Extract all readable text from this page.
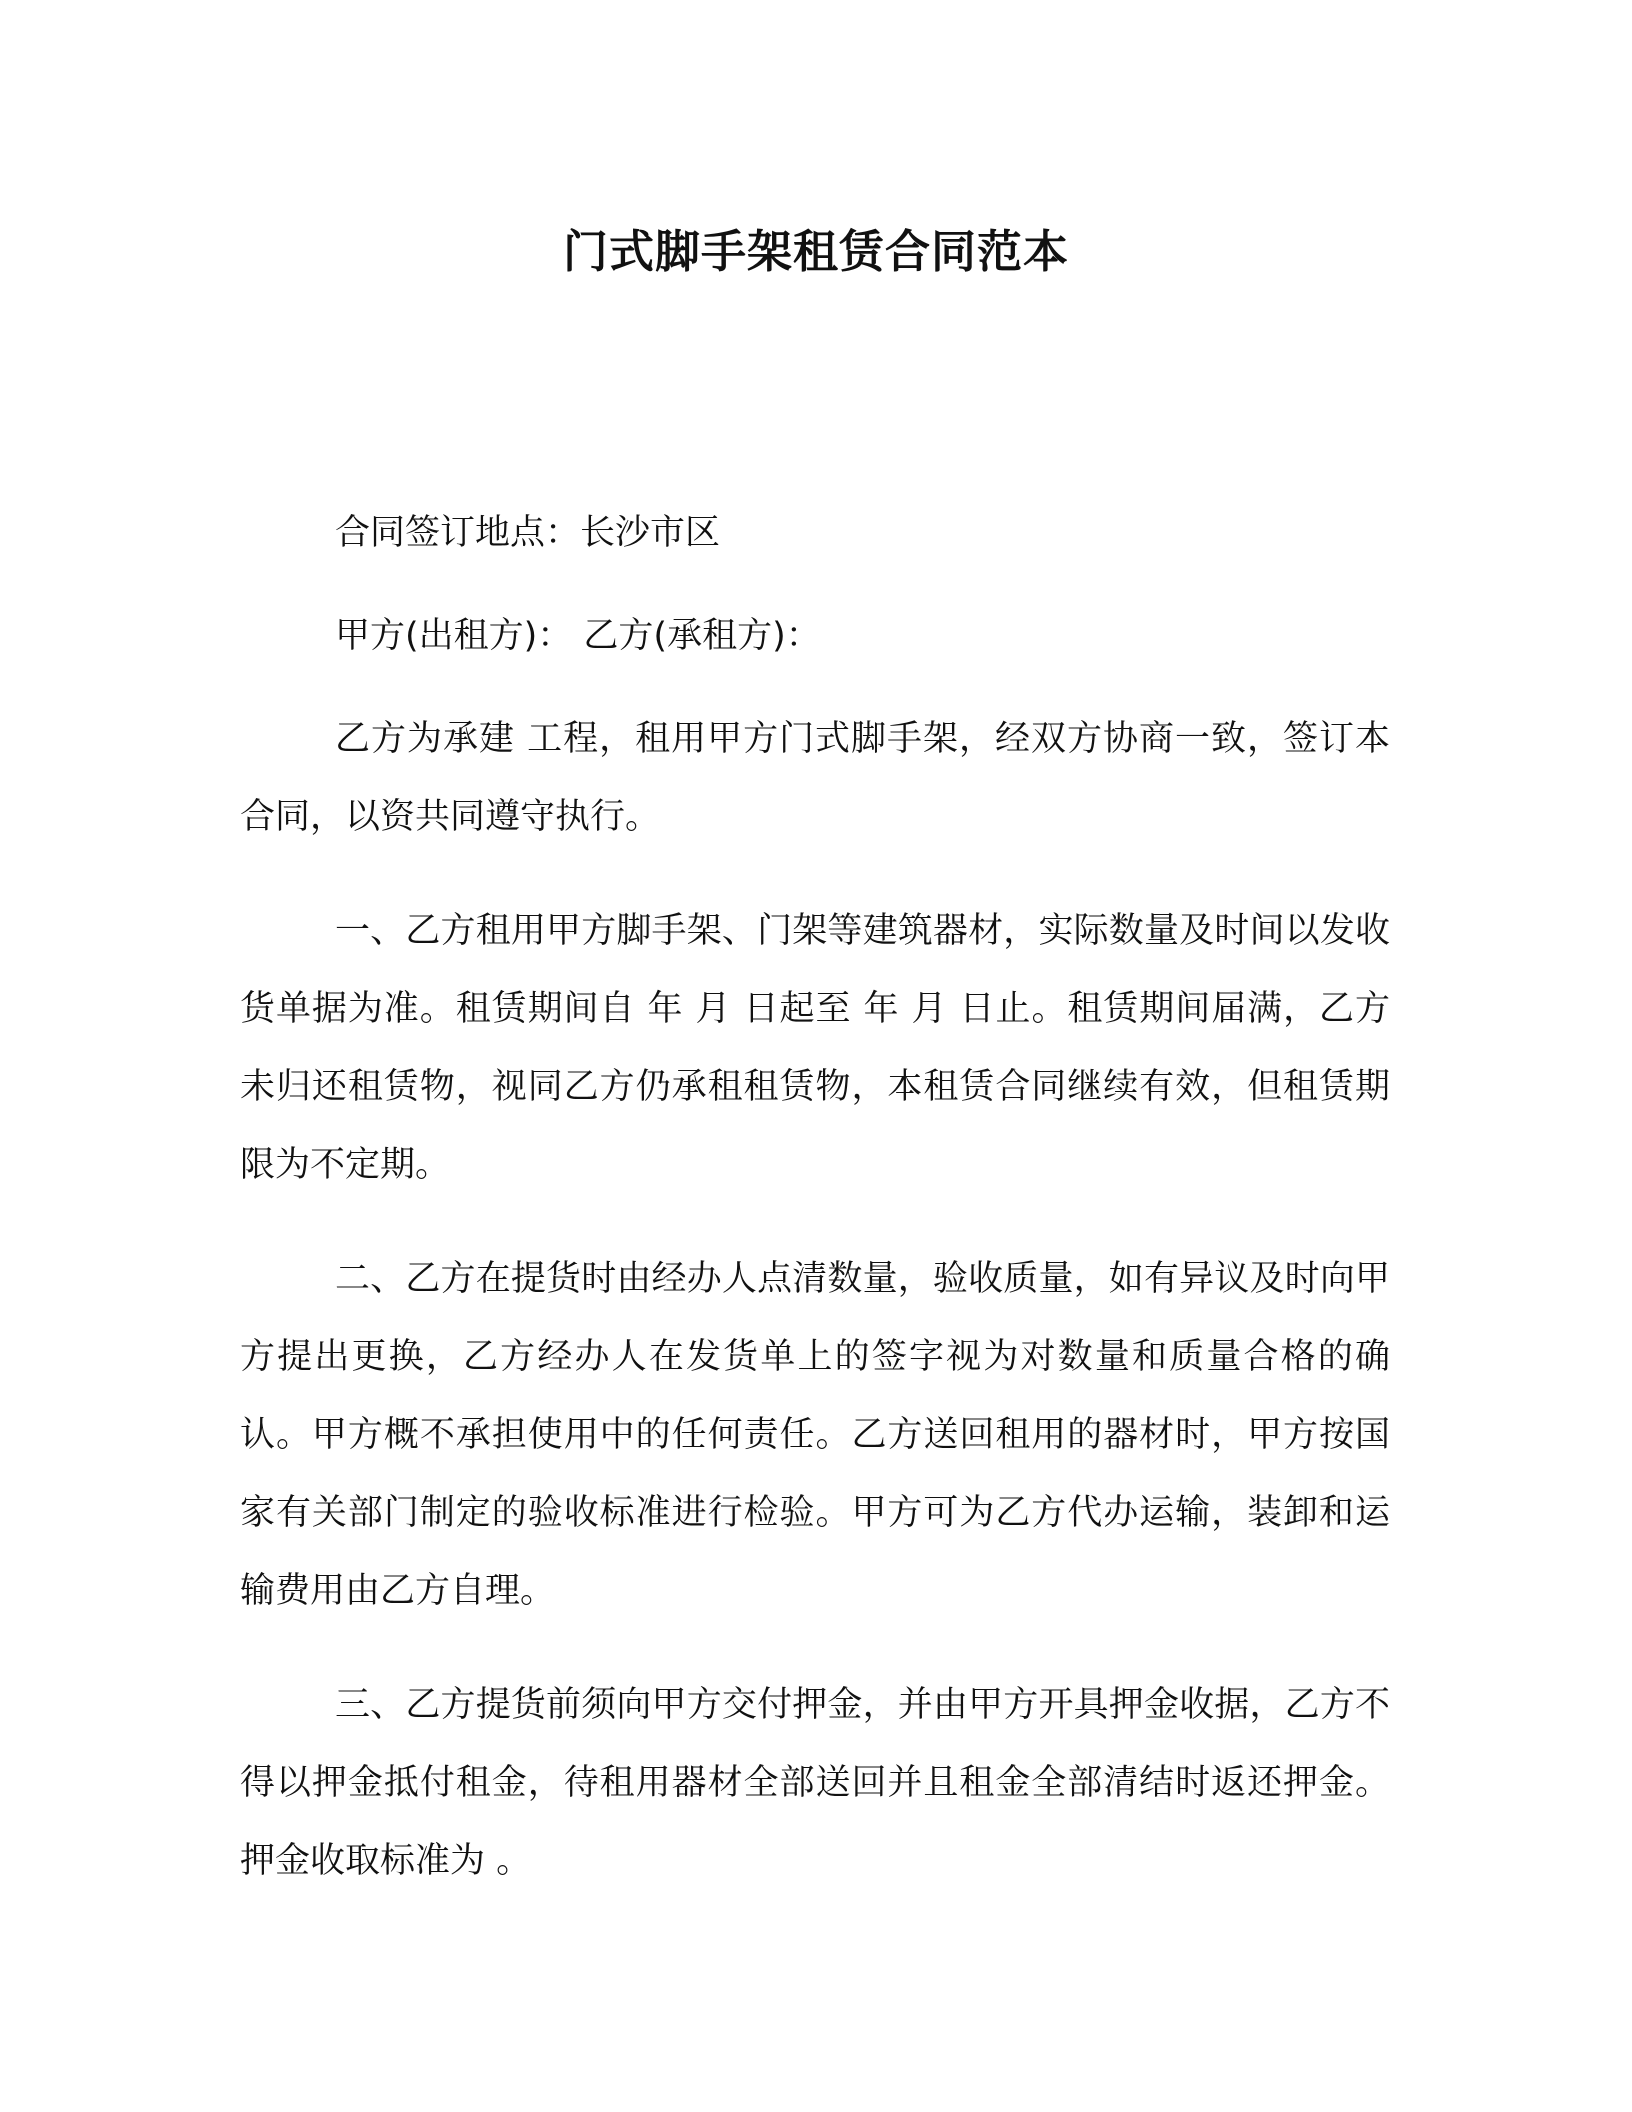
门式脚手架租赁合同范本

合同签订地点：长沙市区

甲方(出租方)： 乙方(承租方)：

乙方为承建 工程，租用甲方门式脚手架，经双方协商一致，签订本合同，以资共同遵守执行。

一、乙方租用甲方脚手架、门架等建筑器材，实际数量及时间以发收货单据为准。租赁期间自 年 月 日起至 年 月 日止。租赁期间届满，乙方未归还租赁物，视同乙方仍承租租赁物，本租赁合同继续有效，但租赁期限为不定期。

二、乙方在提货时由经办人点清数量，验收质量，如有异议及时向甲方提出更换，乙方经办人在发货单上的签字视为对数量和质量合格的确认。甲方概不承担使用中的任何责任。乙方送回租用的器材时，甲方按国家有关部门制定的验收标准进行检验。甲方可为乙方代办运输，装卸和运输费用由乙方自理。

三、乙方提货前须向甲方交付押金，并由甲方开具押金收据，乙方不得以押金抵付租金，待租用器材全部送回并且租金全部清结时返还押金。押金收取标准为 。
